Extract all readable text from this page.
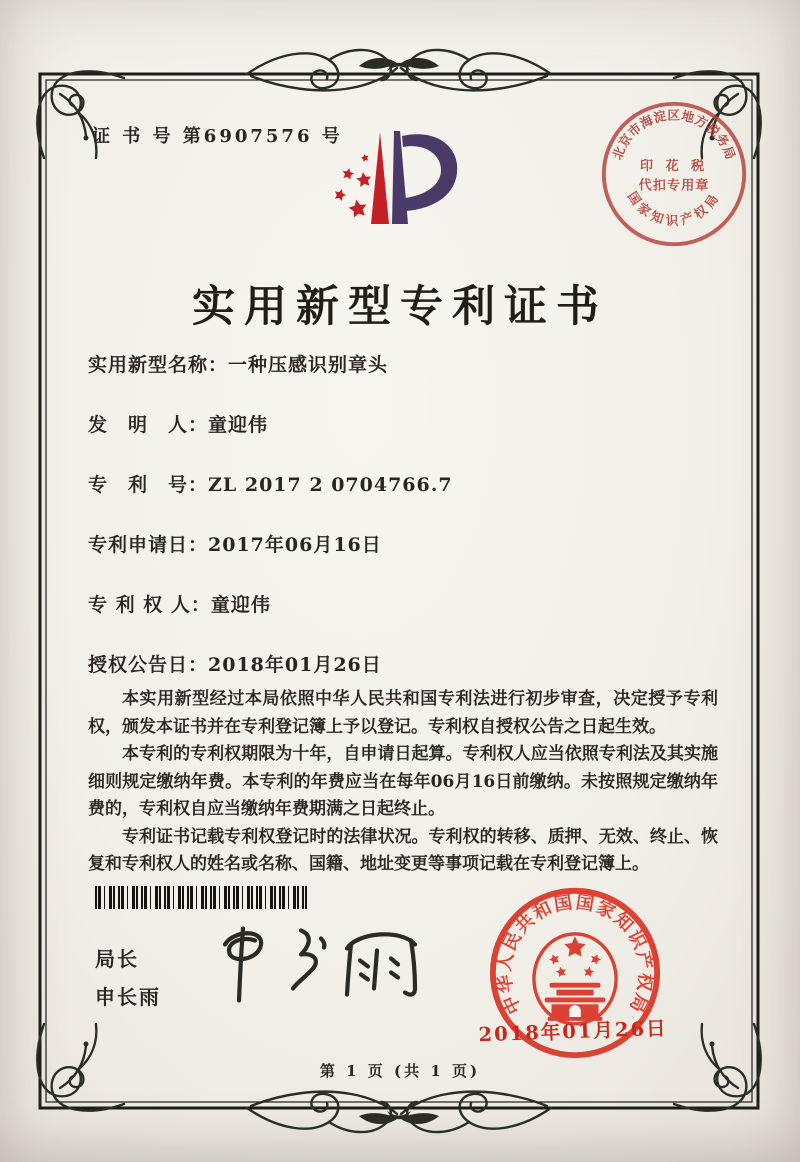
证 书 号 第6907576 号
北京市海淀区地方税务局
印 花 税
代扣专用章
国家知识产权局
实用新型专利证书
实用新型名称：一种压感识别章头
发　明　人：童迎伟
专　利　号：ZL 2017 2 0704766.7
专利申请日：2017年06月16日
专 利 权 人：童迎伟
授权公告日：2018年01月26日

本实用新型经过本局依照中华人民共和国专利法进行初步审查，决定授予专利权，颁发本证书并在专利登记簿上予以登记。专利权自授权公告之日起生效。

本专利的专利权期限为十年，自申请日起算。专利权人应当依照专利法及其实施细则规定缴纳年费。本专利的年费应当在每年06月16日前缴纳。未按照规定缴纳年费的，专利权自应当缴纳年费期满之日起终止。

专利证书记载专利权登记时的法律状况。专利权的转移、质押、无效、终止、恢复和专利权人的姓名或名称、国籍、地址变更等事项记载在专利登记簿上。

局长
申长雨	中华人民共和国国家知识产权局
2018年01月26日
第 1 页 (共 1 页)
